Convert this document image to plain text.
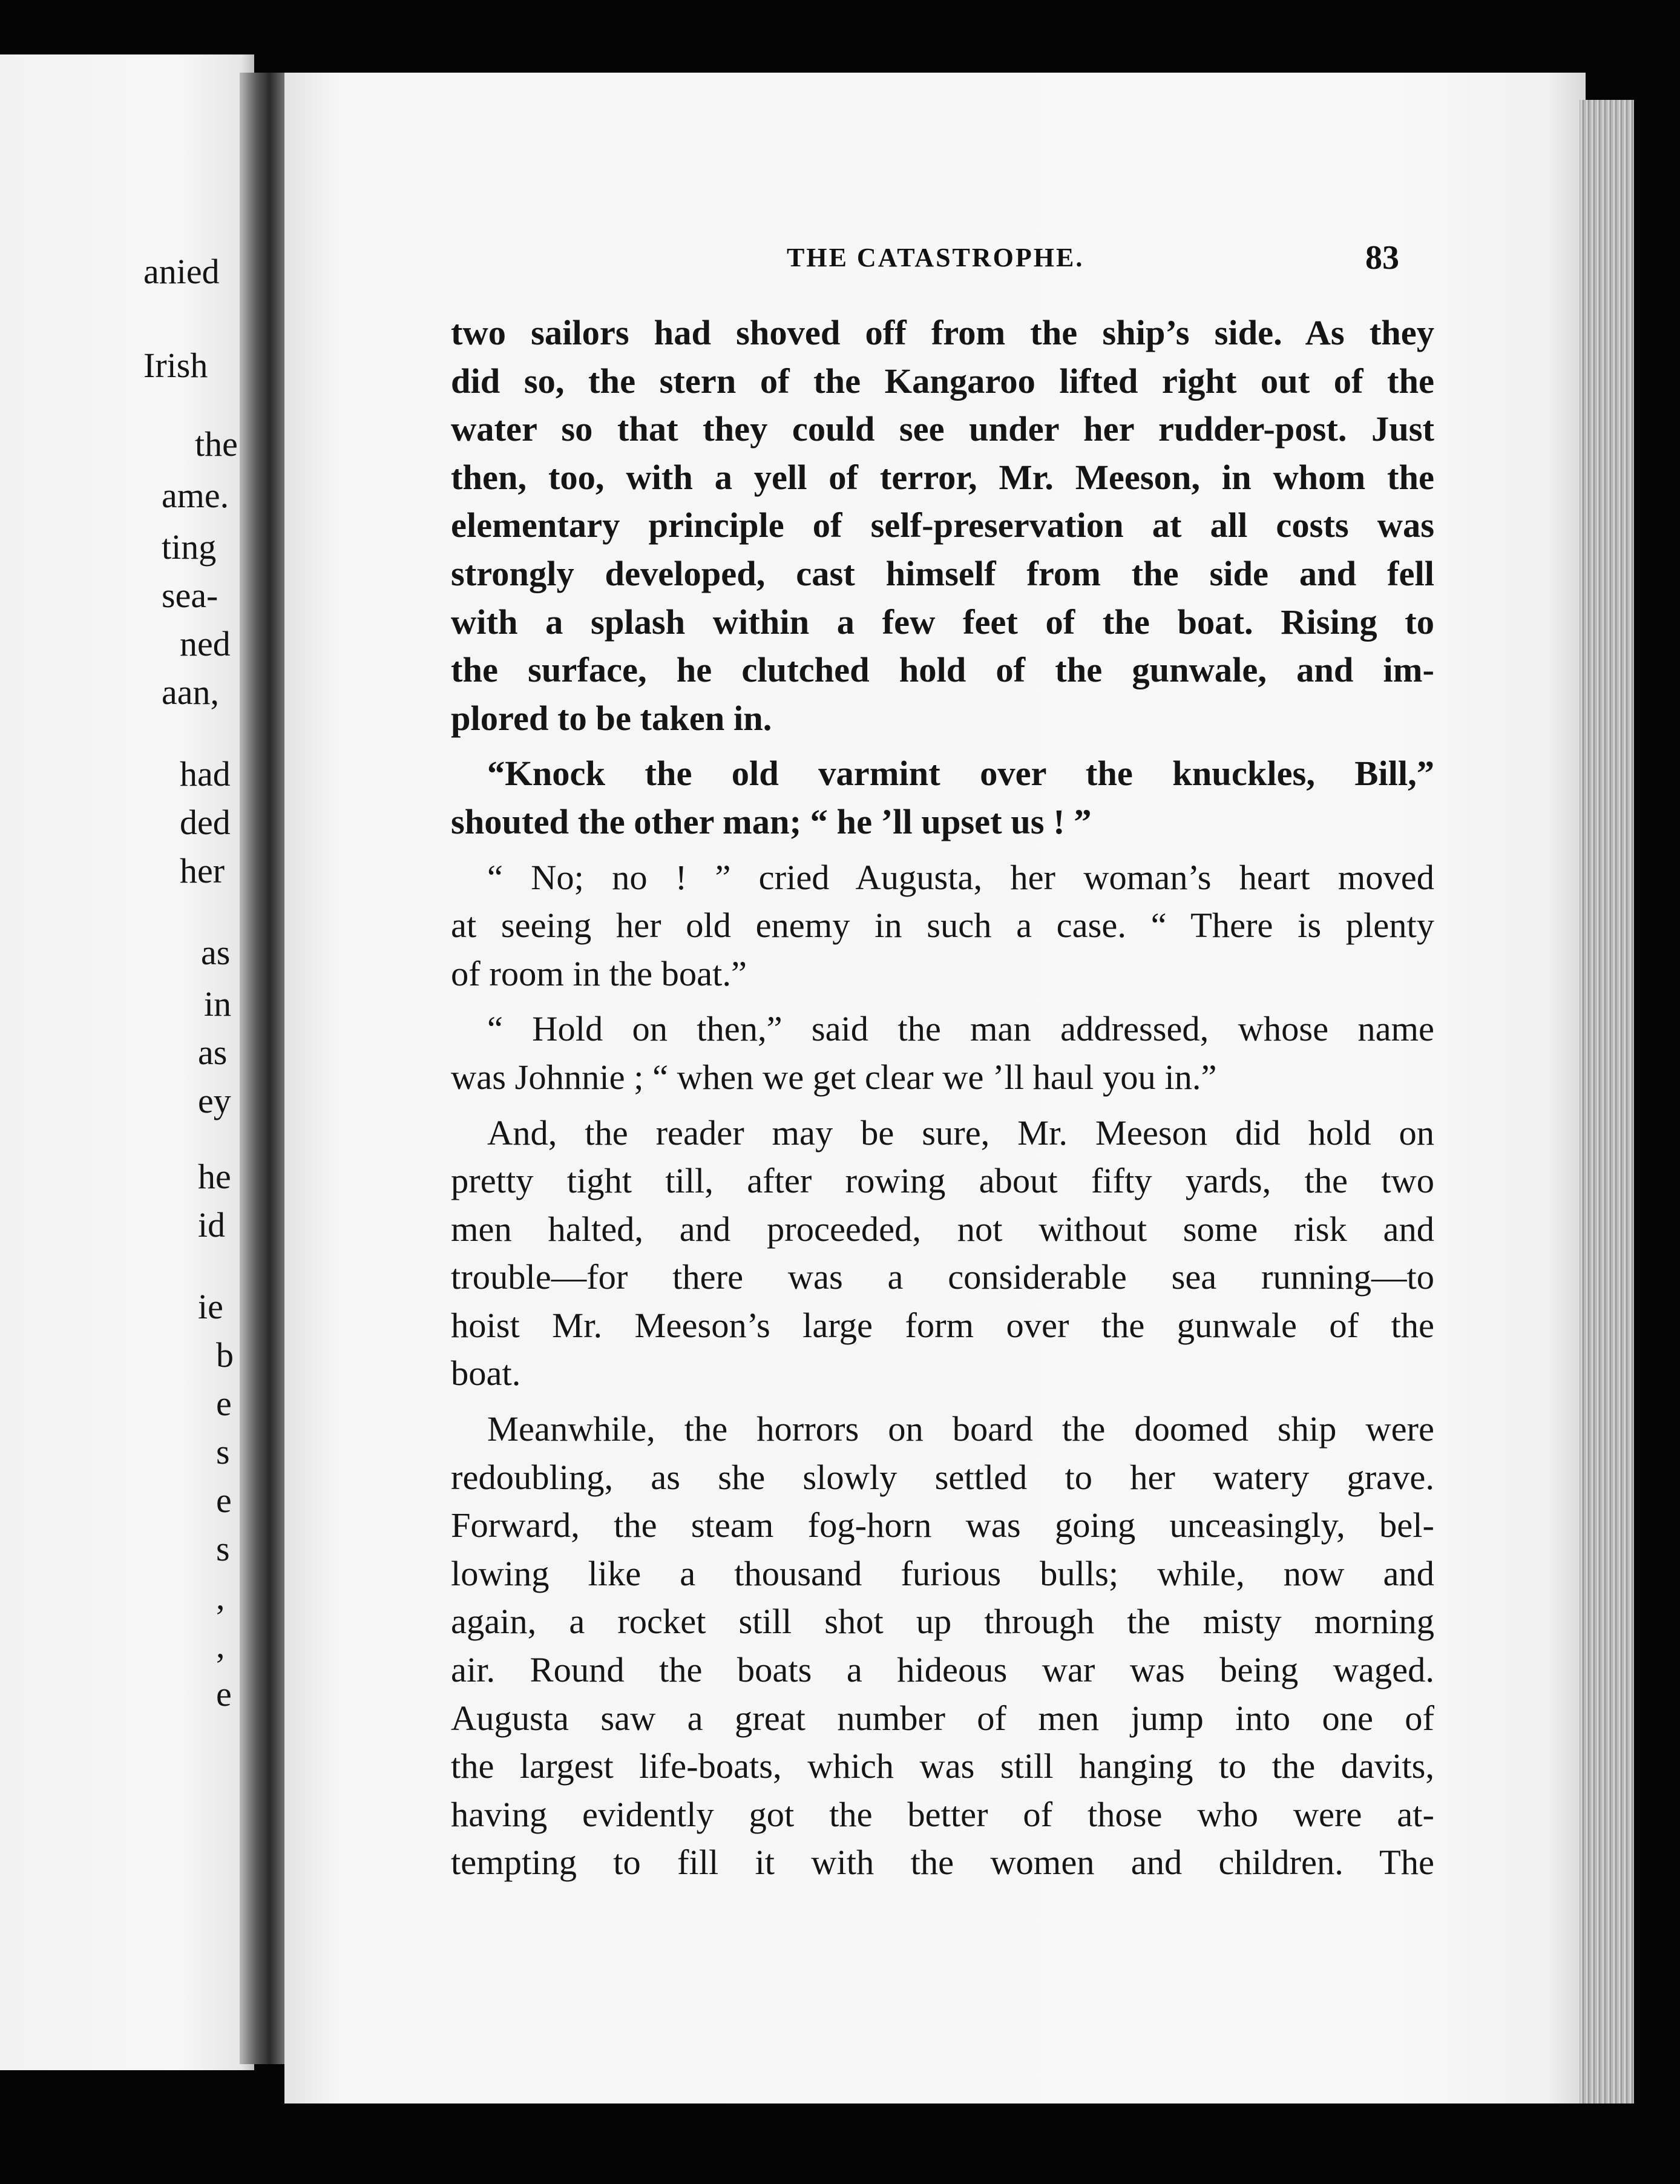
anied
Irish
the
ame.
ting
sea-
ned
aan,
had
ded
her
as
in
as
ey
he
id
ie
b
e
s
e
s
,
,
e
THE CATASTROPHE.	83
two sailors had shoved off from the ship’s side. As they
did so, the stern of the Kangaroo lifted right out of the
water so that they could see under her rudder-post. Just
then, too, with a yell of terror, Mr. Meeson, in whom the
elementary principle of self-preservation at all costs was
strongly developed, cast himself from the side and fell
with a splash within a few feet of the boat. Rising to
the surface, he clutched hold of the gunwale, and im-
plored to be taken in.
“Knock the old varmint over the knuckles, Bill,”
shouted the other man; “ he ’ll upset us ! ”
“ No; no ! ” cried Augusta, her woman’s heart moved
at seeing her old enemy in such a case. “ There is plenty
of room in the boat.”
“ Hold on then,” said the man addressed, whose name
was Johnnie ; “ when we get clear we ’ll haul you in.”
And, the reader may be sure, Mr. Meeson did hold on
pretty tight till, after rowing about fifty yards, the two
men halted, and proceeded, not without some risk and
trouble—for there was a considerable sea running—to
hoist Mr. Meeson’s large form over the gunwale of the
boat.
Meanwhile, the horrors on board the doomed ship were
redoubling, as she slowly settled to her watery grave.
Forward, the steam fog-horn was going unceasingly, bel-
lowing like a thousand furious bulls; while, now and
again, a rocket still shot up through the misty morning
air. Round the boats a hideous war was being waged.
Augusta saw a great number of men jump into one of
the largest life-boats, which was still hanging to the davits,
having evidently got the better of those who were at-
tempting to fill it with the women and children. The
